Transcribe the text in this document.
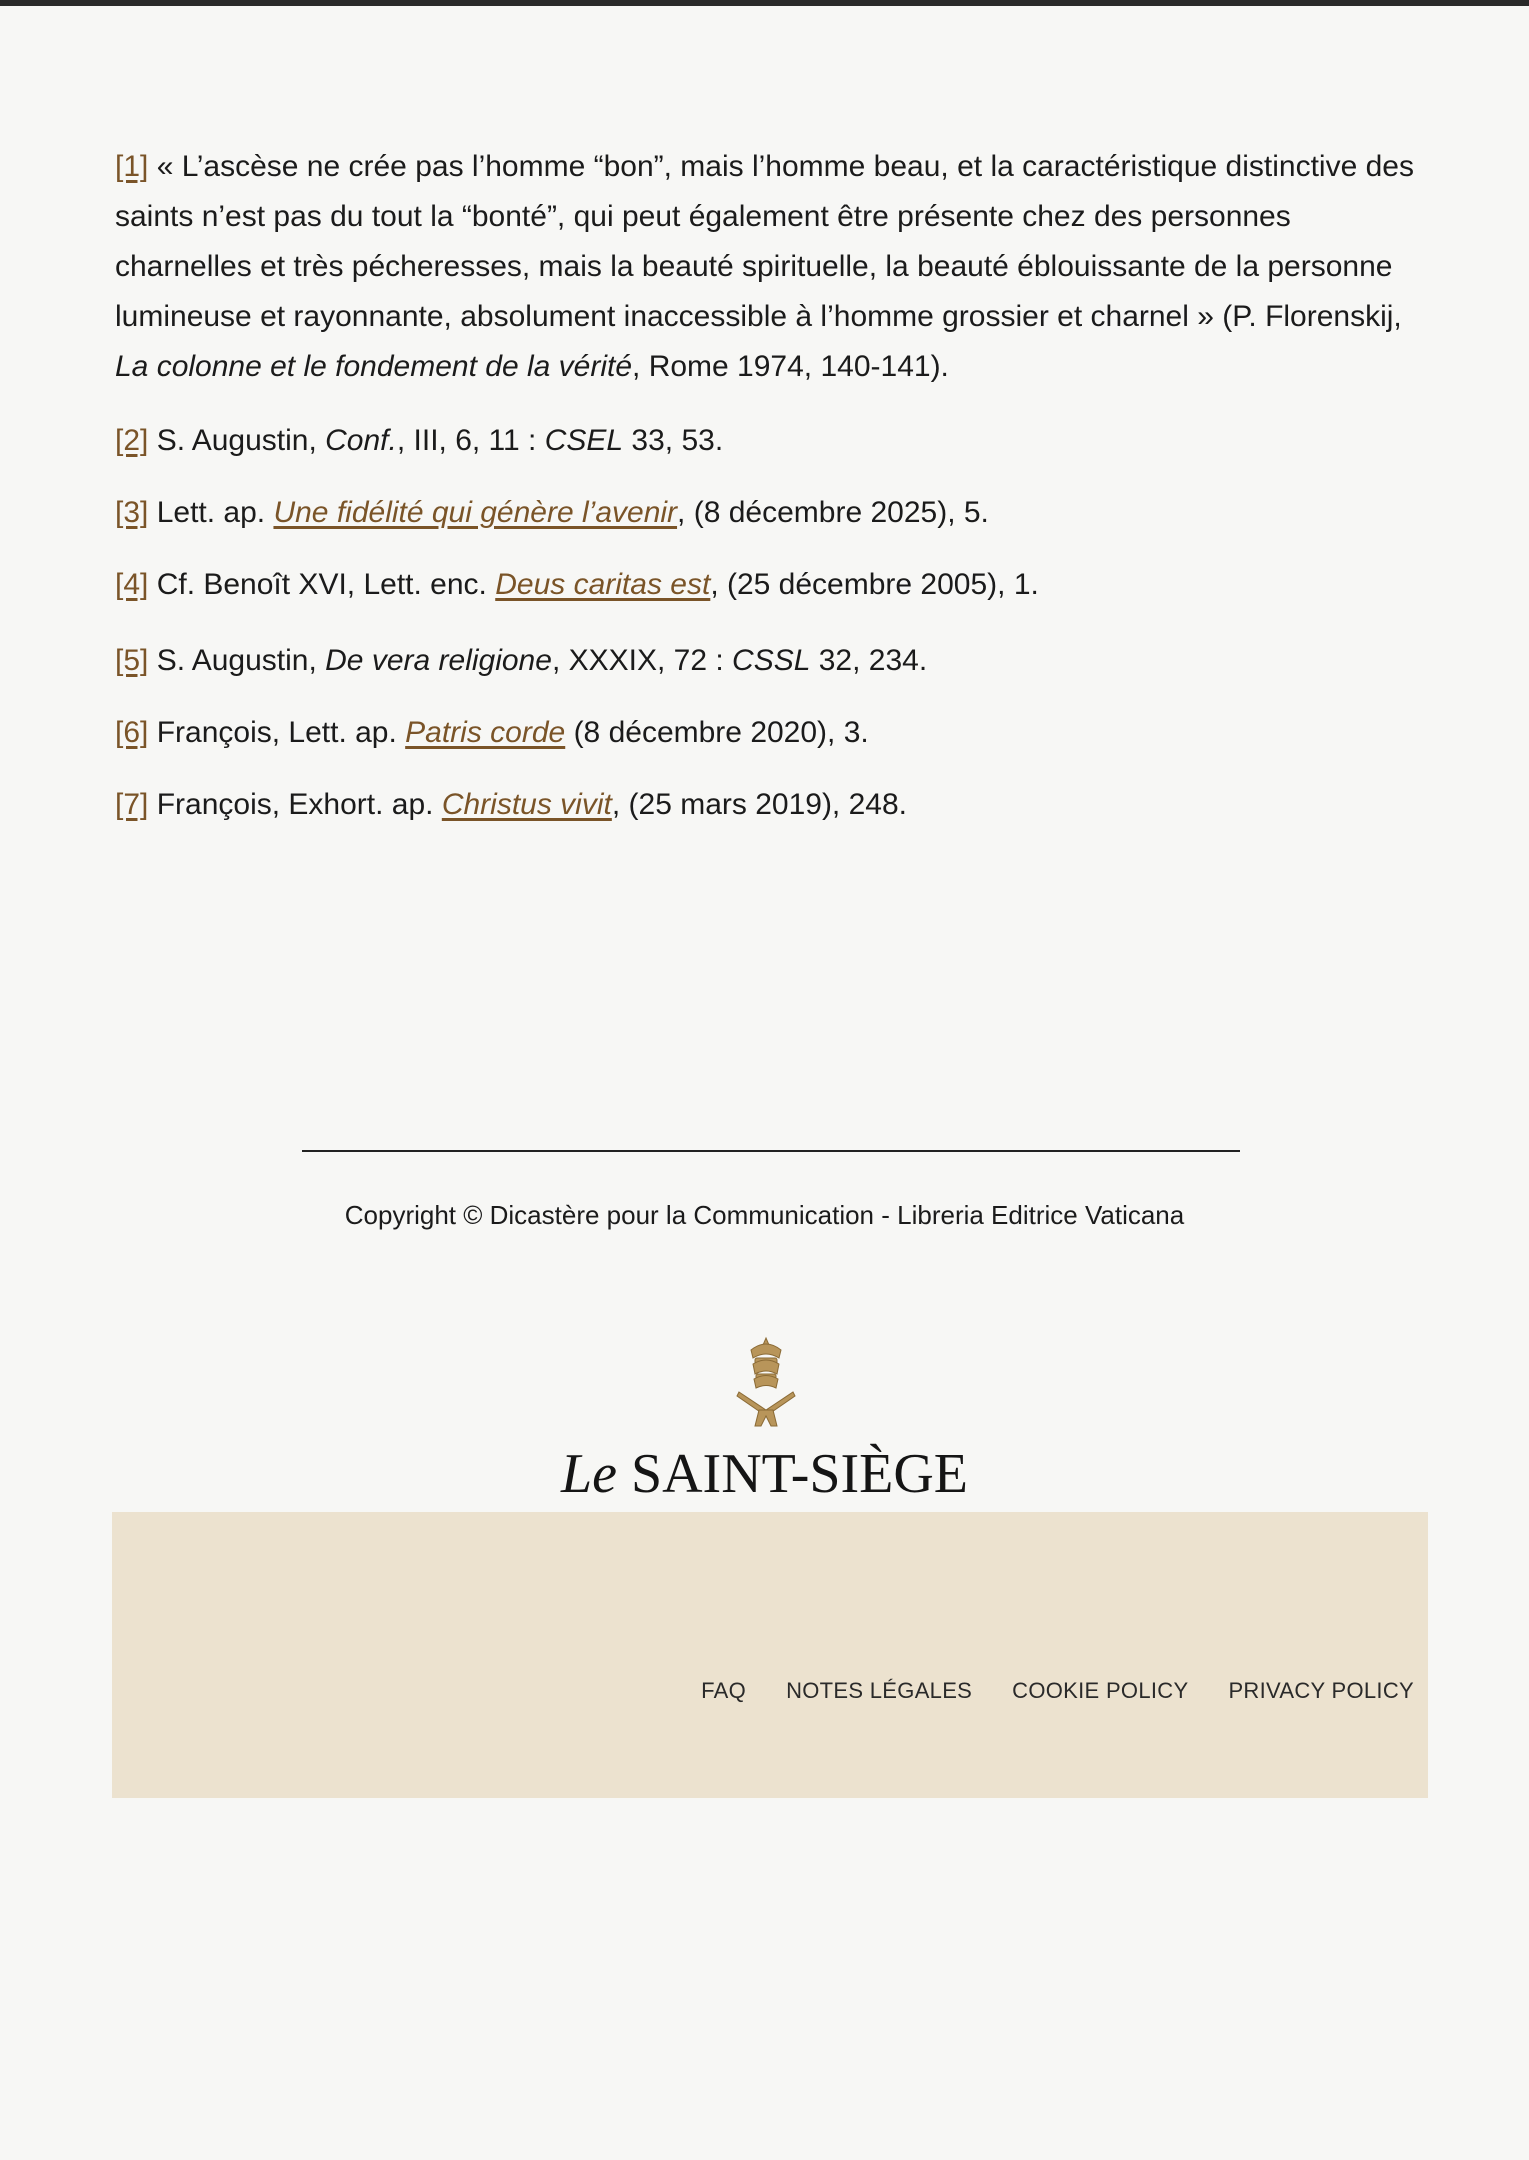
[1] « L’ascèse ne crée pas l’homme “bon”, mais l’homme beau, et la caractéristique distinctive des saints n’est pas du tout la “bonté”, qui peut également être présente chez des personnes charnelles et très pécheresses, mais la beauté spirituelle, la beauté éblouissante de la personne lumineuse et rayonnante, absolument inaccessible à l’homme grossier et charnel » (P. Florenskij, La colonne et le fondement de la vérité, Rome 1974, 140-141).

[2] S. Augustin, Conf., III, 6, 11 : CSEL 33, 53.

[3] Lett. ap. Une fidélité qui génère l’avenir, (8 décembre 2025), 5.

[4] Cf. Benoît XVI, Lett. enc. Deus caritas est, (25 décembre 2005), 1.

[5] S. Augustin, De vera religione, XXXIX, 72 : CSSL 32, 234.

[6] François, Lett. ap. Patris corde (8 décembre 2020), 3.

[7] François, Exhort. ap. Christus vivit, (25 mars 2019), 248.

Copyright © Dicastère pour la Communication - Libreria Editrice Vaticana
Le SAINT-SIÈGE
FAQ NOTES LÉGALES COOKIE POLICY PRIVACY POLICY
